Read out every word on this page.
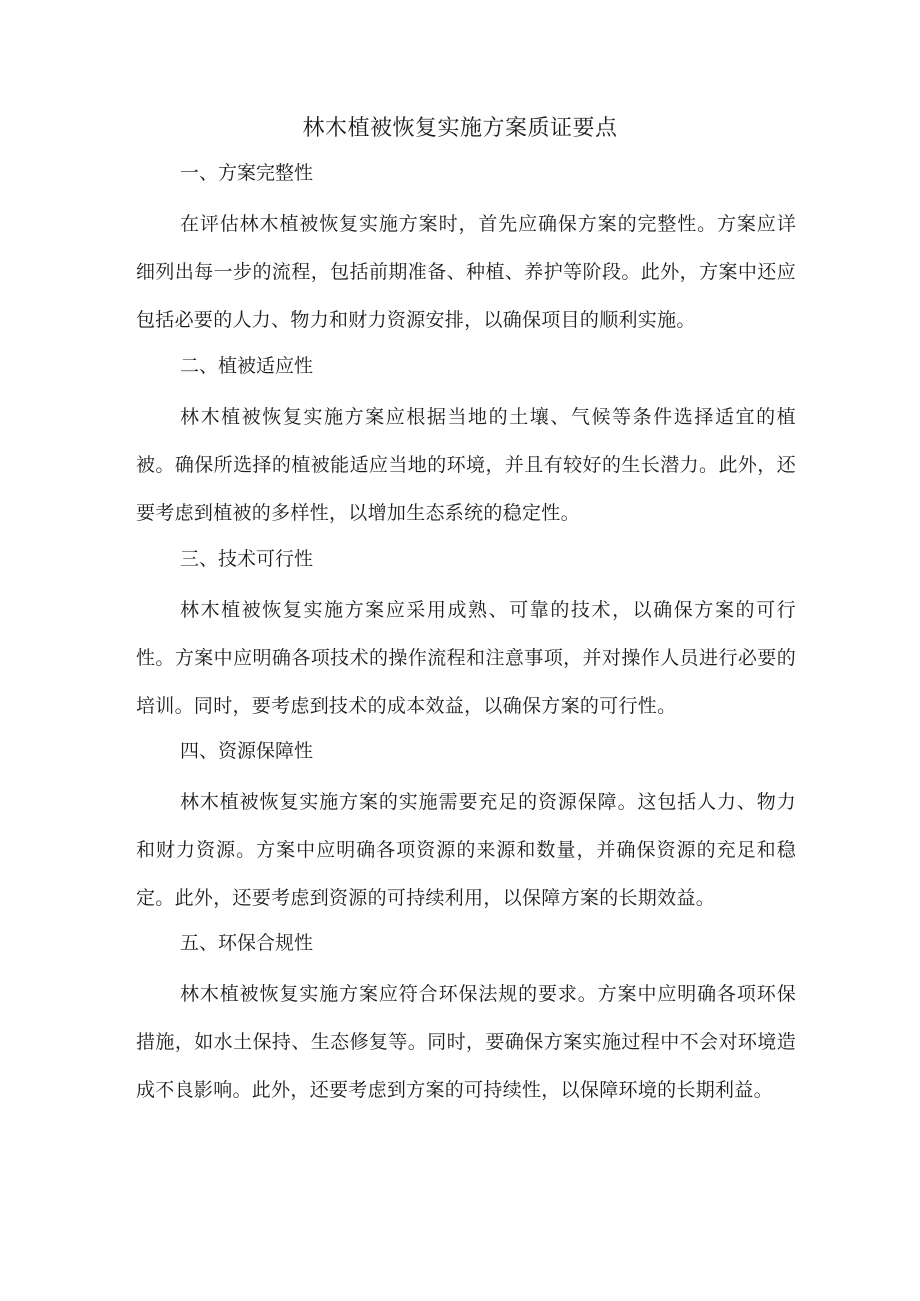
林木植被恢复实施方案质证要点
一、方案完整性

在评估林木植被恢复实施方案时，首先应确保方案的完整性。方案应详细列出每一步的流程，包括前期准备、种植、养护等阶段。此外，方案中还应包括必要的人力、物力和财力资源安排，以确保项目的顺利实施。

二、植被适应性

林木植被恢复实施方案应根据当地的土壤、气候等条件选择适宜的植被。确保所选择的植被能适应当地的环境，并且有较好的生长潜力。此外，还要考虑到植被的多样性，以增加生态系统的稳定性。

三、技术可行性

林木植被恢复实施方案应采用成熟、可靠的技术，以确保方案的可行性。方案中应明确各项技术的操作流程和注意事项，并对操作人员进行必要的培训。同时，要考虑到技术的成本效益，以确保方案的可行性。

四、资源保障性

林木植被恢复实施方案的实施需要充足的资源保障。这包括人力、物力和财力资源。方案中应明确各项资源的来源和数量，并确保资源的充足和稳定。此外，还要考虑到资源的可持续利用，以保障方案的长期效益。

五、环保合规性

林木植被恢复实施方案应符合环保法规的要求。方案中应明确各项环保措施，如水土保持、生态修复等。同时，要确保方案实施过程中不会对环境造成不良影响。此外，还要考虑到方案的可持续性，以保障环境的长期利益。
